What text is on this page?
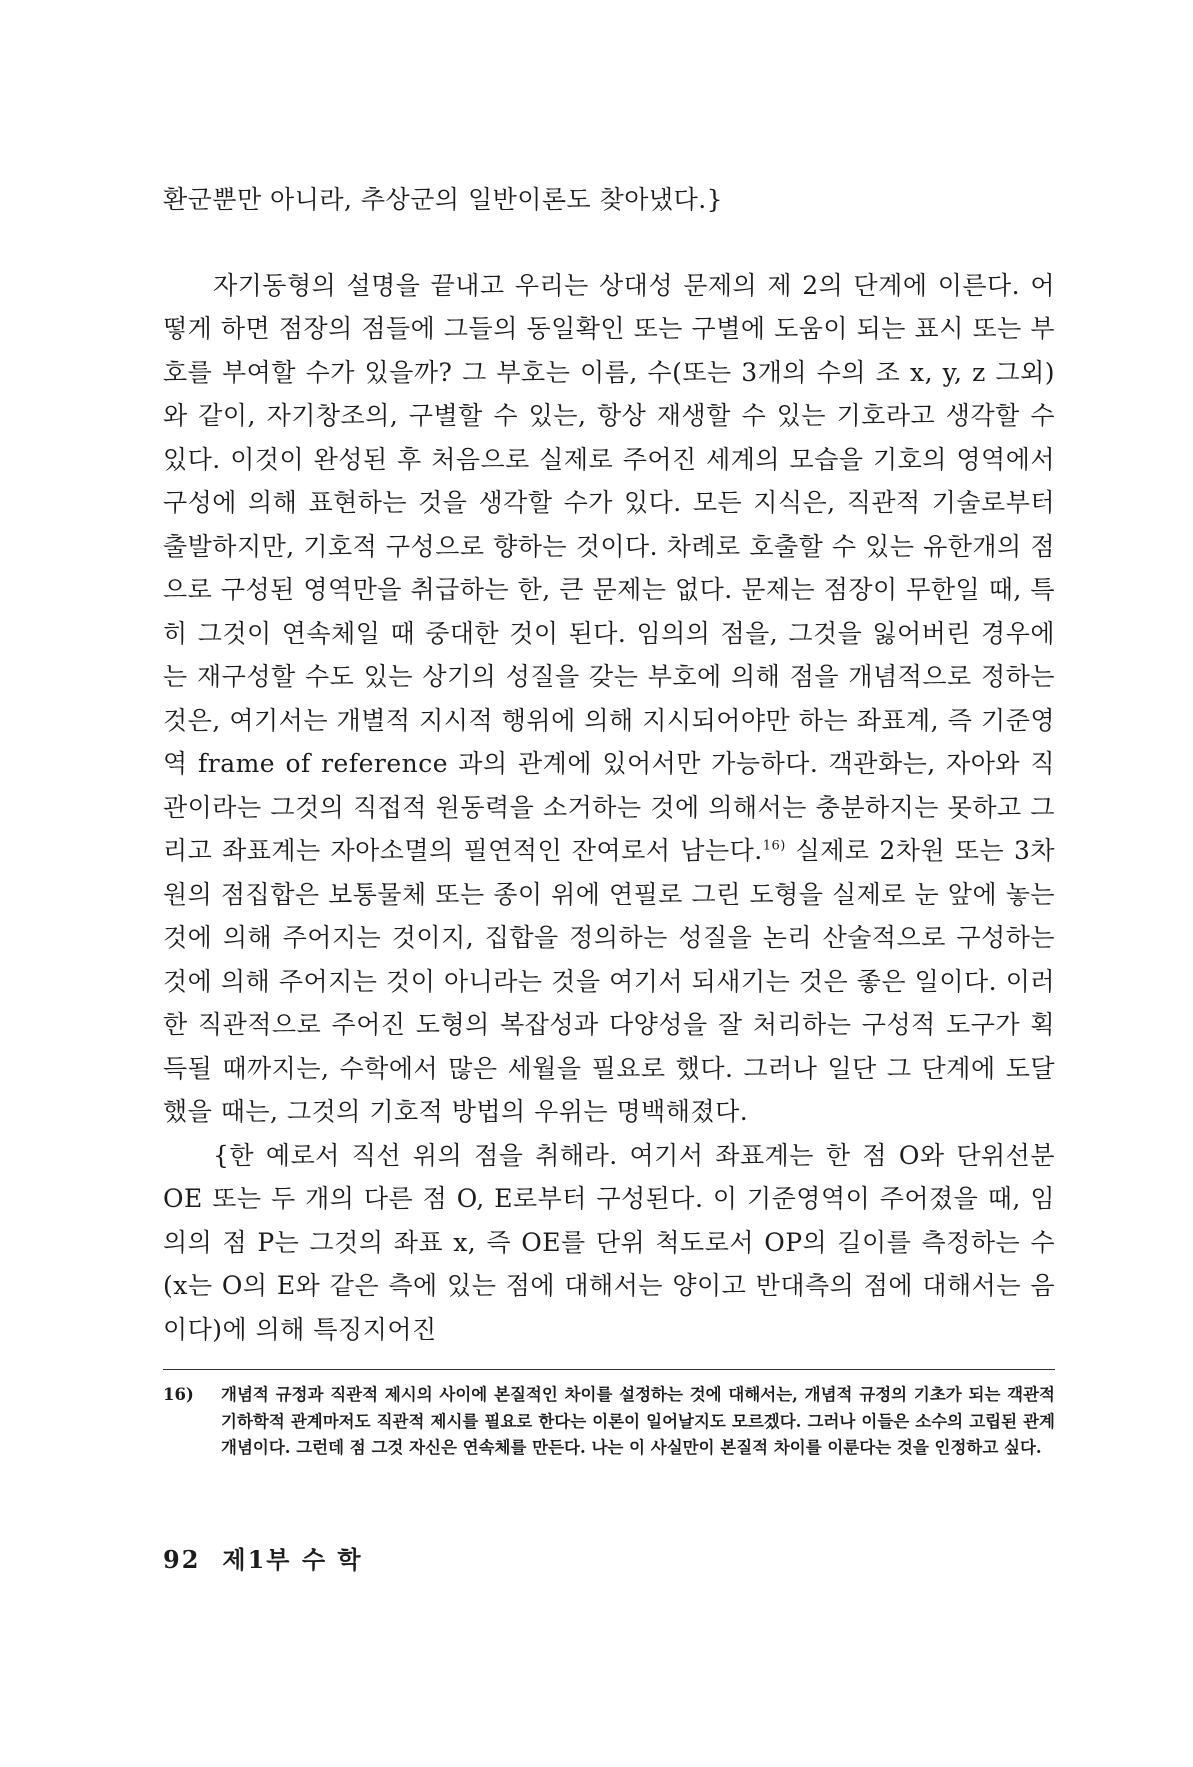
환군뿐만 아니라, 추상군의 일반이론도 찾아냈다.}

자기동형의 설명을 끝내고 우리는 상대성 문제의 제 2의 단계에 이른다. 어떻게 하면 점장의 점들에 그들의 동일확인 또는 구별에 도움이 되는 표시 또는 부호를 부여할 수가 있을까? 그 부호는 이름, 수(또는 3개의 수의 조 x, y, z 그외)와 같이, 자기창조의, 구별할 수 있는, 항상 재생할 수 있는 기호라고 생각할 수 있다. 이것이 완성된 후 처음으로 실제로 주어진 세계의 모습을 기호의 영역에서 구성에 의해 표현하는 것을 생각할 수가 있다. 모든 지식은, 직관적 기술로부터 출발하지만, 기호적 구성으로 향하는 것이다. 차례로 호출할 수 있는 유한개의 점으로 구성된 영역만을 취급하는 한, 큰 문제는 없다. 문제는 점장이 무한일 때, 특히 그것이 연속체일 때 중대한 것이 된다. 임의의 점을, 그것을 잃어버린 경우에는 재구성할 수도 있는 상기의 성질을 갖는 부호에 의해 점을 개념적으로 정하는 것은, 여기서는 개별적 지시적 행위에 의해 지시되어야만 하는 좌표계, 즉 기준영역 frame of reference 과의 관계에 있어서만 가능하다. 객관화는, 자아와 직관이라는 그것의 직접적 원동력을 소거하는 것에 의해서는 충분하지는 못하고 그리고 좌표계는 자아소멸의 필연적인 잔여로서 남는다.$^{16)}$ 실제로 2차원 또는 3차원의 점집합은 보통물체 또는 종이 위에 연필로 그린 도형을 실제로 눈 앞에 놓는 것에 의해 주어지는 것이지, 집합을 정의하는 성질을 논리 산술적으로 구성하는 것에 의해 주어지는 것이 아니라는 것을 여기서 되새기는 것은 좋은 일이다. 이러한 직관적으로 주어진 도형의 복잡성과 다양성을 잘 처리하는 구성적 도구가 획득될 때까지는, 수학에서 많은 세월을 필요로 했다. 그러나 일단 그 단계에 도달했을 때는, 그것의 기호적 방법의 우위는 명백해졌다.

{한 예로서 직선 위의 점을 취해라. 여기서 좌표계는 한 점 O와 단위선분 OE 또는 두 개의 다른 점 O, E로부터 구성된다. 이 기준영역이 주어졌을 때, 임의의 점 P는 그것의 좌표 x, 즉 OE를 단위 척도로서 OP의 길이를 측정하는 수(x는 O의 E와 같은 측에 있는 점에 대해서는 양이고 반대측의 점에 대해서는 음이다)에 의해 특징지어진

16)	개념적 규정과 직관적 제시의 사이에 본질적인 차이를 설정하는 것에 대해서는, 개념적 규정의 기초가 되는 객관적 기하학적 관계마저도 직관적 제시를 필요로 한다는 이론이 일어날지도 모르겠다. 그러나 이들은 소수의 고립된 관계개념이다. 그런데 점 그것 자신은 연속체를 만든다. 나는 이 사실만이 본질적 차이를 이룬다는 것을 인정하고 싶다.
92 제1부 수 학
